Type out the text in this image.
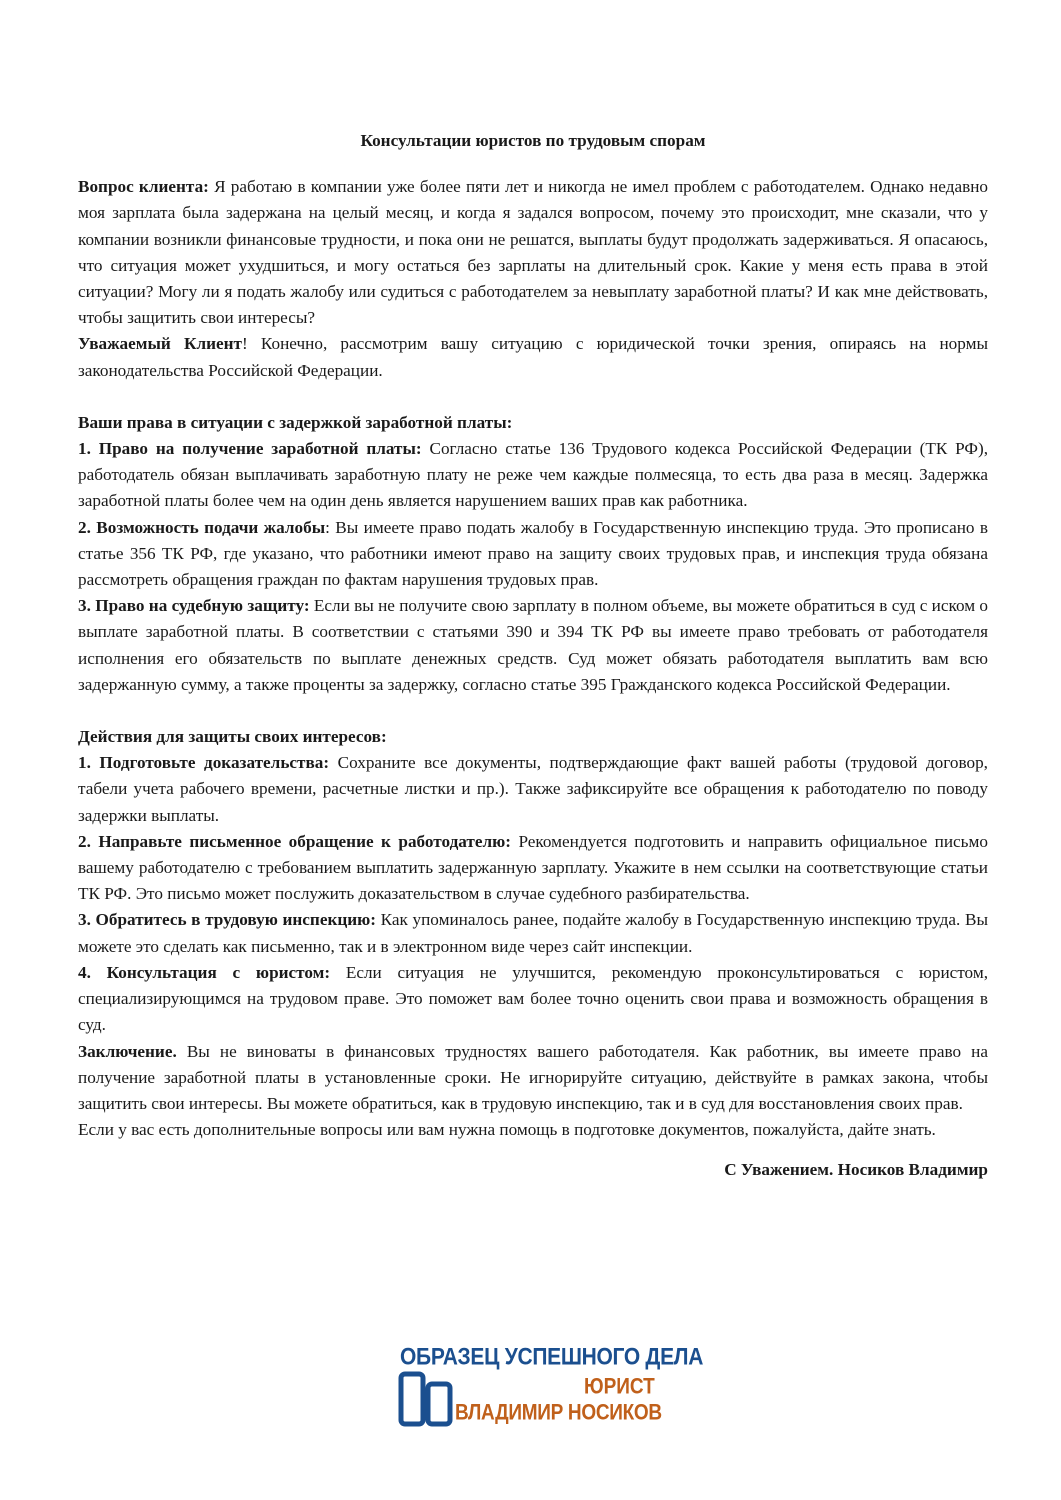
Консультации юристов по трудовым спорам

Вопрос клиента: Я работаю в компании уже более пяти лет и никогда не имел проблем с работодателем. Однако недавно моя зарплата была задержана на целый месяц, и когда я задался вопросом, почему это происходит, мне сказали, что у компании возникли финансовые трудности, и пока они не решатся, выплаты будут продолжать задерживаться. Я опасаюсь, что ситуация может ухудшиться, и могу остаться без зарплаты на длительный срок. Какие у меня есть права в этой ситуации? Могу ли я подать жалобу или судиться с работодателем за невыплату заработной платы? И как мне действовать, чтобы защитить свои интересы?

Уважаемый Клиент! Конечно, рассмотрим вашу ситуацию с юридической точки зрения, опираясь на нормы законодательства Российской Федерации.

Ваши права в ситуации с задержкой заработной платы:

1. Право на получение заработной платы: Согласно статье 136 Трудового кодекса Российской Федерации (ТК РФ), работодатель обязан выплачивать заработную плату не реже чем каждые полмесяца, то есть два раза в месяц. Задержка заработной платы более чем на один день является нарушением ваших прав как работника.

2. Возможность подачи жалобы: Вы имеете право подать жалобу в Государственную инспекцию труда. Это прописано в статье 356 ТК РФ, где указано, что работники имеют право на защиту своих трудовых прав, и инспекция труда обязана рассмотреть обращения граждан по фактам нарушения трудовых прав.

3. Право на судебную защиту: Если вы не получите свою зарплату в полном объеме, вы можете обратиться в суд с иском о выплате заработной платы. В соответствии с статьями 390 и 394 ТК РФ вы имеете право требовать от работодателя исполнения его обязательств по выплате денежных средств. Суд может обязать работодателя выплатить вам всю задержанную сумму, а также проценты за задержку, согласно статье 395 Гражданского кодекса Российской Федерации.

Действия для защиты своих интересов:

1. Подготовьте доказательства: Сохраните все документы, подтверждающие факт вашей работы (трудовой договор, табели учета рабочего времени, расчетные листки и пр.). Также зафиксируйте все обращения к работодателю по поводу задержки выплаты.

2. Направьте письменное обращение к работодателю: Рекомендуется подготовить и направить официальное письмо вашему работодателю с требованием выплатить задержанную зарплату. Укажите в нем ссылки на соответствующие статьи ТК РФ. Это письмо может послужить доказательством в случае судебного разбирательства.

3. Обратитесь в трудовую инспекцию: Как упоминалось ранее, подайте жалобу в Государственную инспекцию труда. Вы можете это сделать как письменно, так и в электронном виде через сайт инспекции.

4. Консультация с юристом: Если ситуация не улучшится, рекомендую проконсультироваться с юристом, специализирующимся на трудовом праве. Это поможет вам более точно оценить свои права и возможность обращения в суд.

Заключение. Вы не виноваты в финансовых трудностях вашего работодателя. Как работник, вы имеете право на получение заработной платы в установленные сроки. Не игнорируйте ситуацию, действуйте в рамках закона, чтобы защитить свои интересы. Вы можете обратиться, как в трудовую инспекцию, так и в суд для восстановления своих прав.

Если у вас есть дополнительные вопросы или вам нужна помощь в подготовке документов, пожалуйста, дайте знать.

С Уважением. Носиков Владимир

ОБРАЗЕЦ УСПЕШНОГО ДЕЛА
ЮРИСТ
ВЛАДИМИР НОСИКОВ
